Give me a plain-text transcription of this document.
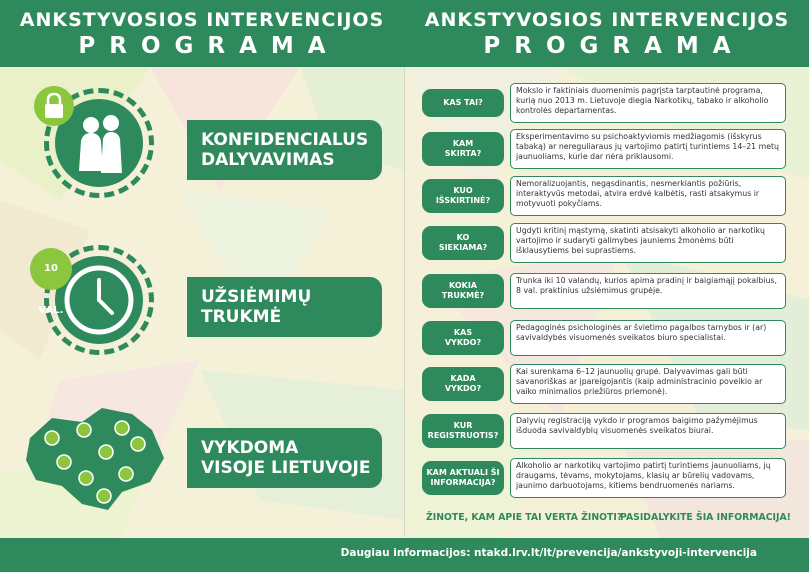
ANKSTYVOSIOS INTERVENCIJOS
PROGRAMA
ANKSTYVOSIOS INTERVENCIJOS
PROGRAMA
KONFIDENCIALUS
DALYVAVIMAS
10 VAL.
UŽSIĖMIMŲ
TRUKMĖ
VYKDOMA
VISOJE LIETUVOJE
KAS TAI?
Mokslo ir faktiniais duomenimis pagrįsta tarptautinė programa, kurią nuo 2013 m. Lietuvoje diegia Narkotikų, tabako ir alkoholio kontrolės departamentas.
KAM
SKIRTA?
Eksperimentavimo su psichoaktyviomis medžiagomis (išskyrus tabaką) ar nereguliaraus jų vartojimo patirtį turintiems 14–21 metų jaunuoliams, kurie dar nėra priklausomi.
KUO
IŠSKIRTINĖ?
Nemoralizuojantis, negąsdinantis, nesmerkiantis požiūris, interaktyvūs metodai, atvira erdvė kalbėtis, rasti atsakymus ir motyvuoti pokyčiams.
KO
SIEKIAMA?
Ugdyti kritinį mąstymą, skatinti atsisakyti alkoholio ar narkotikų vartojimo ir sudaryti galimybes jauniems žmonėms būti išklausytiems bei suprastiems.
KOKIA
TRUKMĖ?
Trunka iki 10 valandų, kurios apima pradinį ir baigiamąjį pokalbius, 8 val. praktinius užsiėmimus grupėje.
KAS
VYKDO?
Pedagoginės psichologinės ar švietimo pagalbos tarnybos ir (ar) savivaldybės visuomenės sveikatos biuro specialistai.
KADA
VYKDO?
Kai surenkama 6–12 jaunuolių grupė. Dalyvavimas gali būti savanoriškas ar įpareigojantis (kaip administracinio poveikio ar vaiko minimalios priežiūros priemonė).
KUR
REGISTRUOTIS?
Dalyvių registraciją vykdo ir programos baigimo pažymėjimus išduoda savivaldybių visuomenės sveikatos biurai.
KAM AKTUALI ŠI
INFORMACIJA?
Alkoholio ar narkotikų vartojimo patirtį turintiems jaunuoliams, jų draugams, tėvams, mokytojams, klasių ar būrelių vadovams, jaunimo darbuotojams, kitiems bendruomenės nariams.
ŽINOTE, KAM APIE TAI VERTA ŽINOTI?
PASIDALYKITE ŠIA INFORMACIJA!
Daugiau informacijos: ntakd.lrv.lt/lt/prevencija/ankstyvoji-intervencija
